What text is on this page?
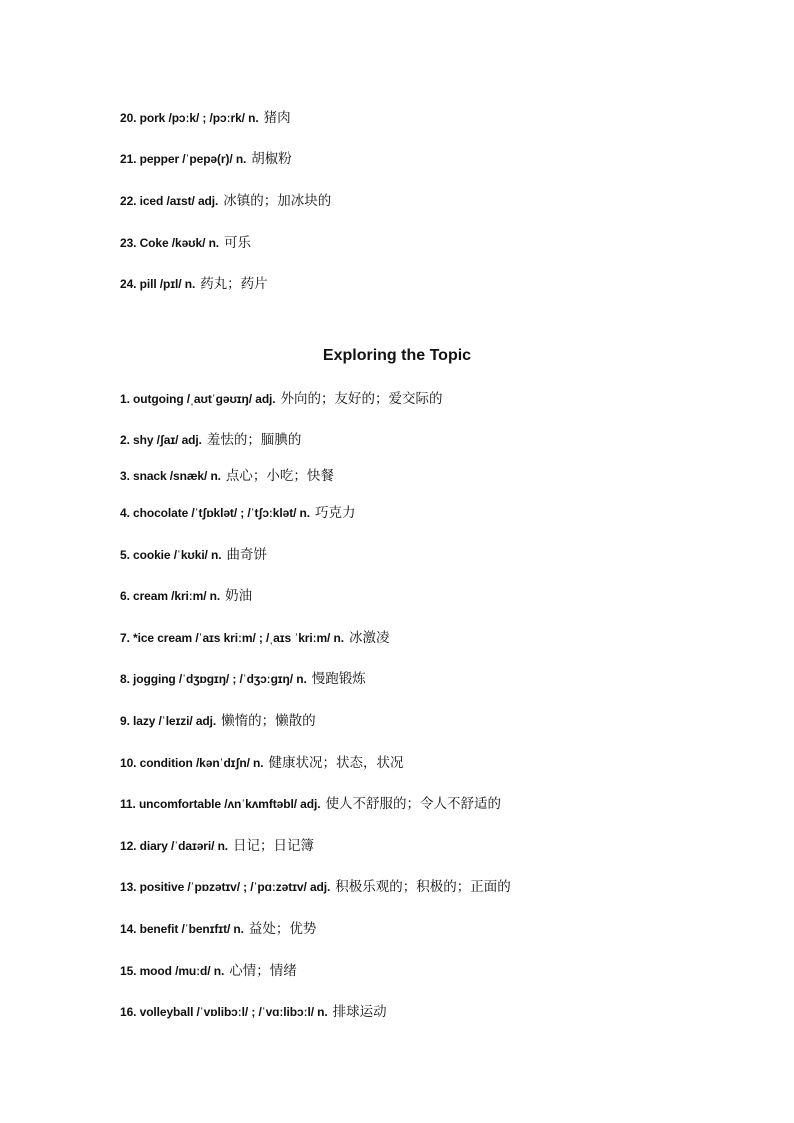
20. pork /pɔːk/ ; /pɔːrk/ n. 猪肉
21. pepper /ˈpepə(r)/ n. 胡椒粉
22. iced /aɪst/ adj. 冰镇的；加冰块的
23. Coke /kəʊk/ n. 可乐
24. pill /pɪl/ n. 药丸；药片
Exploring the Topic
1. outgoing /ˌaʊtˈɡəʊɪŋ/ adj. 外向的；友好的；爱交际的
2. shy /ʃaɪ/ adj. 羞怯的；腼腆的
3. snack /snæk/ n. 点心；小吃；快餐
4. chocolate /ˈtʃɒklət/ ; /ˈtʃɔːklət/ n. 巧克力
5. cookie /ˈkʊki/ n. 曲奇饼
6. cream /kriːm/ n. 奶油
7. *ice cream /ˈaɪs kriːm/ ; /ˌaɪs ˈkriːm/ n. 冰激凌
8. jogging /ˈdʒɒɡɪŋ/ ; /ˈdʒɔːɡɪŋ/ n. 慢跑锻炼
9. lazy /ˈleɪzi/ adj. 懒惰的；懒散的
10. condition /kənˈdɪʃn/ n. 健康状况；状态，状况
11. uncomfortable /ʌnˈkʌmftəbl/ adj. 使人不舒服的；令人不舒适的
12. diary /ˈdaɪəri/ n. 日记；日记簿
13. positive /ˈpɒzətɪv/ ; /ˈpɑːzətɪv/ adj. 积极乐观的；积极的；正面的
14. benefit /ˈbenɪfɪt/ n. 益处；优势
15. mood /muːd/ n. 心情；情绪
16. volleyball /ˈvɒlibɔːl/ ; /ˈvɑːlibɔːl/ n. 排球运动
